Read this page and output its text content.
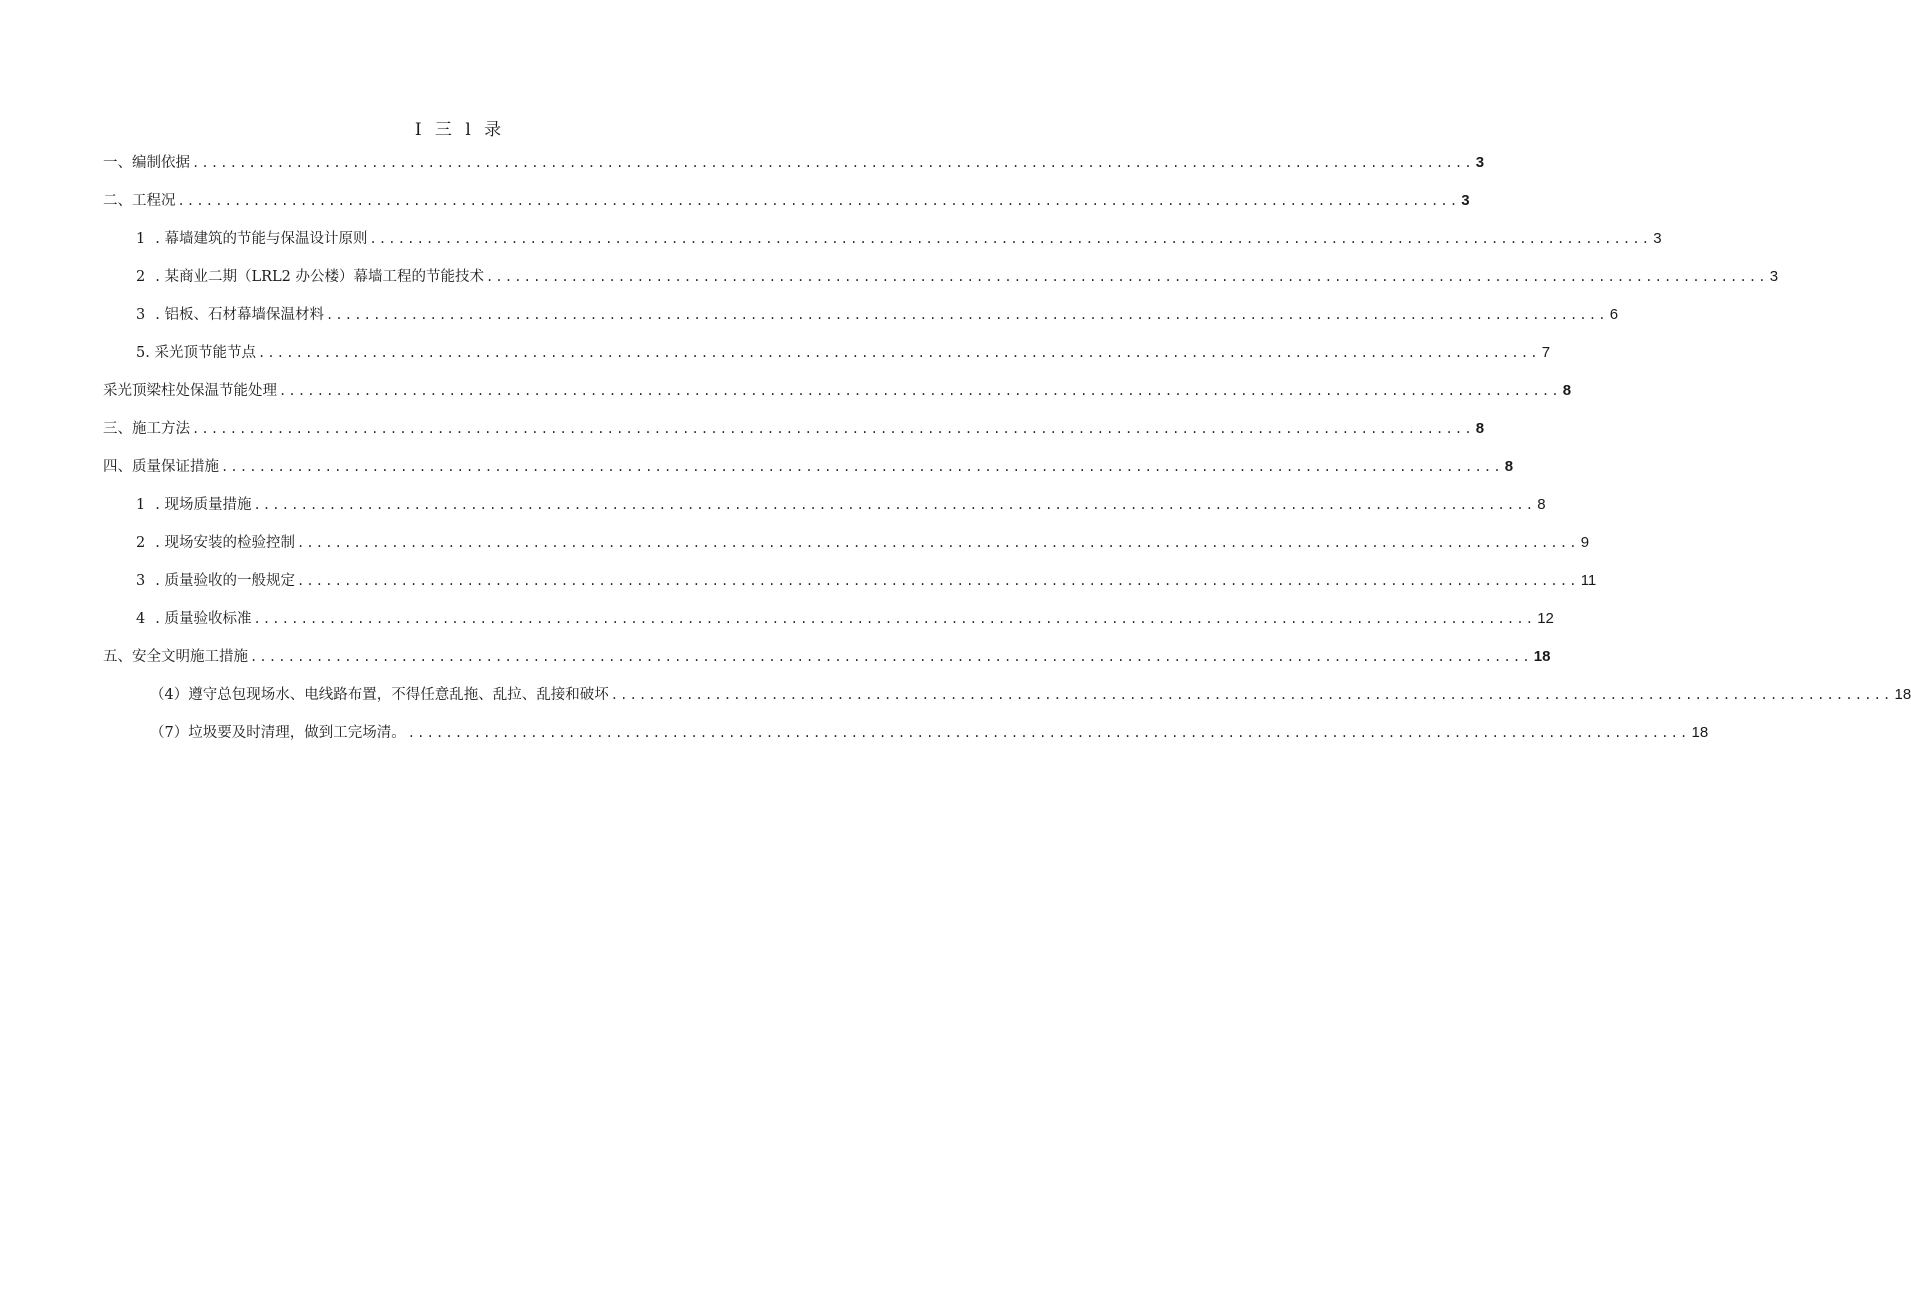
I 三 l 录
一、编制依据 ........................................................................................................................................ 3
二、工程况 ........................................................................................................................................ 3
1 . 幕墙建筑的节能与保温设计原则 ........................................................................................................................................ 3
2 . 某商业二期（LRL2 办公楼）幕墙工程的节能技术 ........................................................................................................................................ 3
3 . 铝板、石材幕墙保温材料 ........................................................................................................................................ 6
5. 采光顶节能节点 ........................................................................................................................................ 7
采光顶梁柱处保温节能处理 ........................................................................................................................................ 8
三、施工方法 ........................................................................................................................................ 8
四、质量保证措施 ........................................................................................................................................ 8
1 . 现场质量措施 ........................................................................................................................................ 8
2 . 现场安装的检验控制 ........................................................................................................................................ 9
3 . 质量验收的一般规定 ........................................................................................................................................ 11
4 . 质量验收标准 ........................................................................................................................................ 12
五、安全文明施工措施 ........................................................................................................................................ 18
（4）遵守总包现场水、电线路布置，不得任意乱拖、乱拉、乱接和破坏 ........................................................................................................................................ 18
（7）垃圾要及时清理，做到工完场清。 ........................................................................................................................................ 18
